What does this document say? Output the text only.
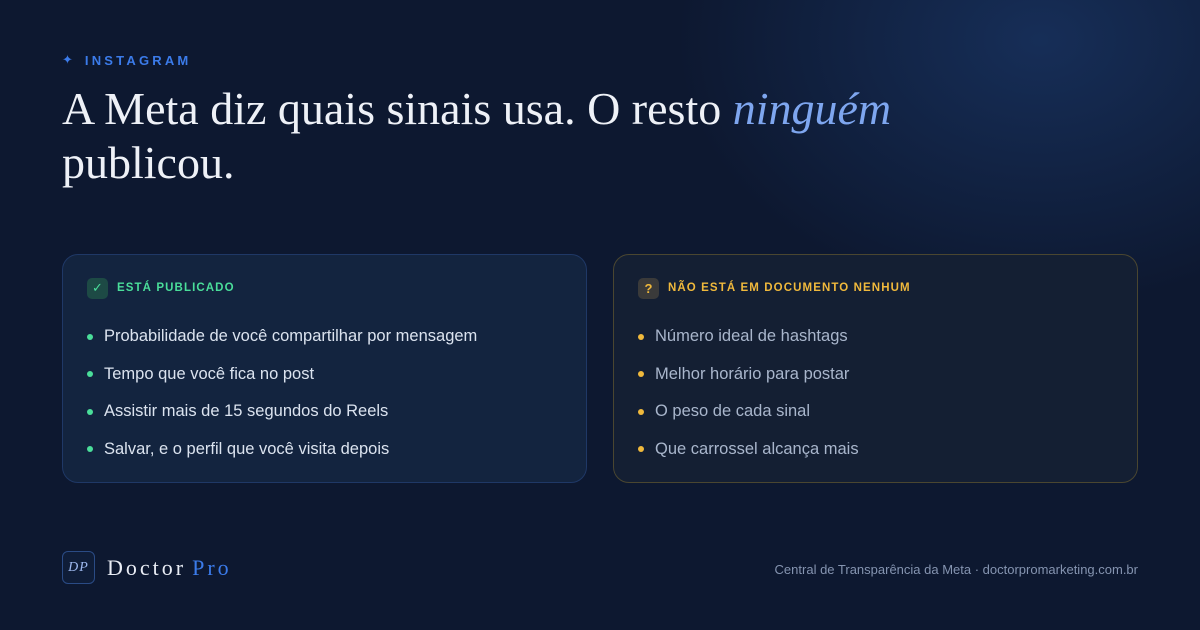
✦ INSTAGRAM
A Meta diz quais sinais usa. O resto ninguém
publicou.
✓	ESTÁ PUBLICADO
Probabilidade de você compartilhar por mensagem
Tempo que você fica no post
Assistir mais de 15 segundos do Reels
Salvar, e o perfil que você visita depois
?	NÃO ESTÁ EM DOCUMENTO NENHUM
Número ideal de hashtags
Melhor horário para postar
O peso de cada sinal
Que carrossel alcança mais
DP Doctor Pro	Central de Transparência da Meta · doctorpromarketing.com.br
